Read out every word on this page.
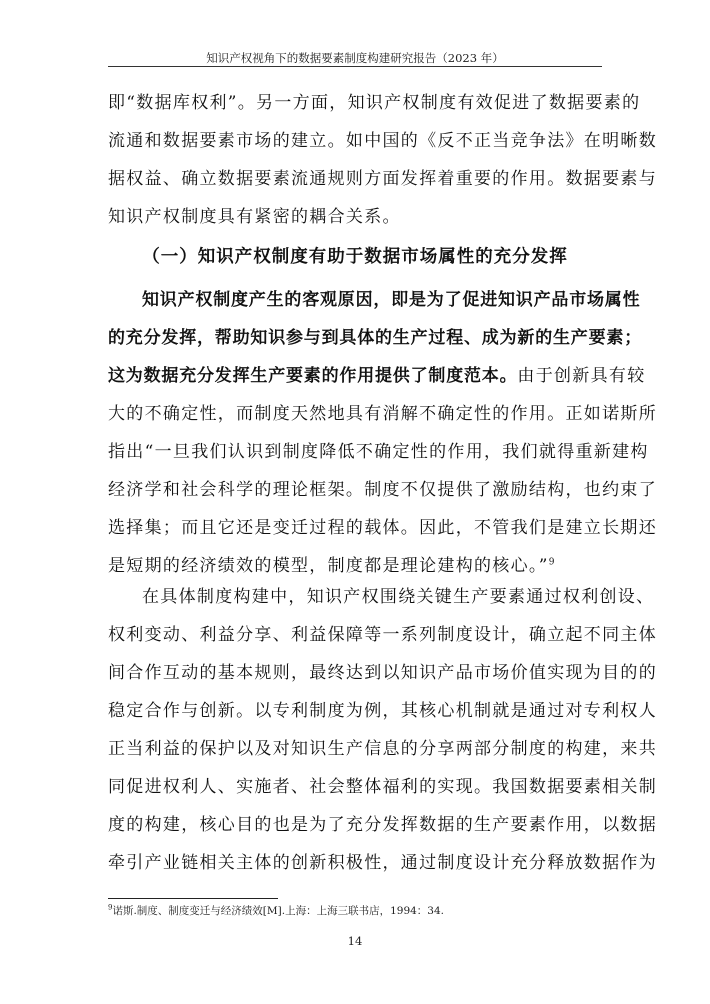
知识产权视角下的数据要素制度构建研究报告（2023 年）
即“数据库权利”。另一方面，知识产权制度有效促进了数据要素的
流通和数据要素市场的建立。如中国的《反不正当竞争法》在明晰数
据权益、确立数据要素流通规则方面发挥着重要的作用。数据要素与
知识产权制度具有紧密的耦合关系。
（一）知识产权制度有助于数据市场属性的充分发挥
知识产权制度产生的客观原因，即是为了促进知识产品市场属性
的充分发挥，帮助知识参与到具体的生产过程、成为新的生产要素；
这为数据充分发挥生产要素的作用提供了制度范本。由于创新具有较
大的不确定性，而制度天然地具有消解不确定性的作用。正如诺斯所
指出“一旦我们认识到制度降低不确定性的作用，我们就得重新建构
经济学和社会科学的理论框架。制度不仅提供了激励结构，也约束了
选择集；而且它还是变迁过程的载体。因此，不管我们是建立长期还
是短期的经济绩效的模型，制度都是理论建构的核心。”$^9$
在具体制度构建中，知识产权围绕关键生产要素通过权利创设、
权利变动、利益分享、利益保障等一系列制度设计，确立起不同主体
间合作互动的基本规则，最终达到以知识产品市场价值实现为目的的
稳定合作与创新。以专利制度为例，其核心机制就是通过对专利权人
正当利益的保护以及对知识生产信息的分享两部分制度的构建，来共
同促进权利人、实施者、社会整体福利的实现。我国数据要素相关制
度的构建，核心目的也是为了充分发挥数据的生产要素作用，以数据
牵引产业链相关主体的创新积极性，通过制度设计充分释放数据作为
$^9$诺斯.制度、制度变迁与经济绩效[M].上海：上海三联书店，1994：34.
14
